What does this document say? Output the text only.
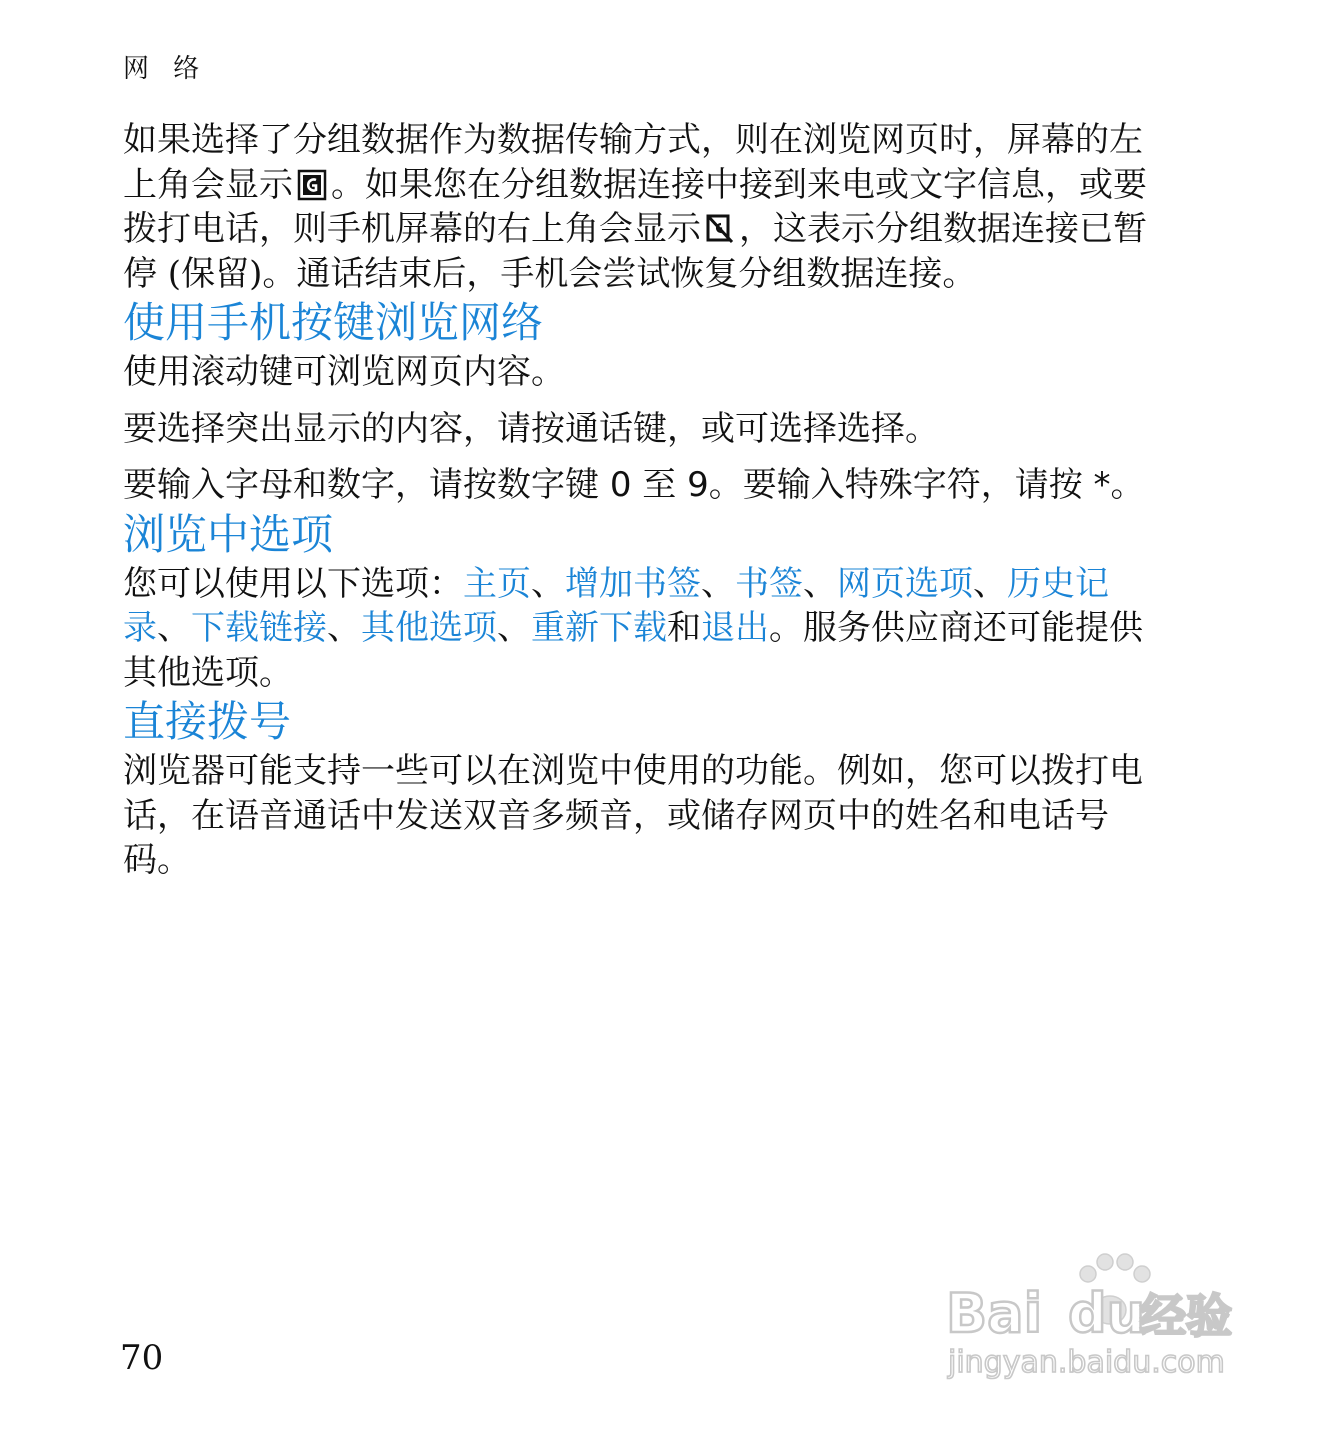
网 络

如果选择了分组数据作为数据传输方式，则在浏览网页时，屏幕的左上角会显示 。如果您在分组数据连接中接到来电或文字信息，或要拨打电话，则手机屏幕的右上角会显示 ，这表示分组数据连接已暂停 (保留)。通话结束后，手机会尝试恢复分组数据连接。

使用手机按键浏览网络

使用滚动键可浏览网页内容。

要选择突出显示的内容，请按通话键，或可选择选择。

要输入字母和数字，请按数字键 0 至 9。要输入特殊字符，请按 *。

浏览中选项

您可以使用以下选项：主页、增加书签、书签、网页选项、历史记录、下载链接、其他选项、重新下载和退出。服务供应商还可能提供其他选项。

直接拨号

浏览器可能支持一些可以在浏览中使用的功能。例如，您可以拨打电话，在语音通话中发送双音多频音，或储存网页中的姓名和电话号码。

70
Bai du
经验
jingyan.baidu.com
